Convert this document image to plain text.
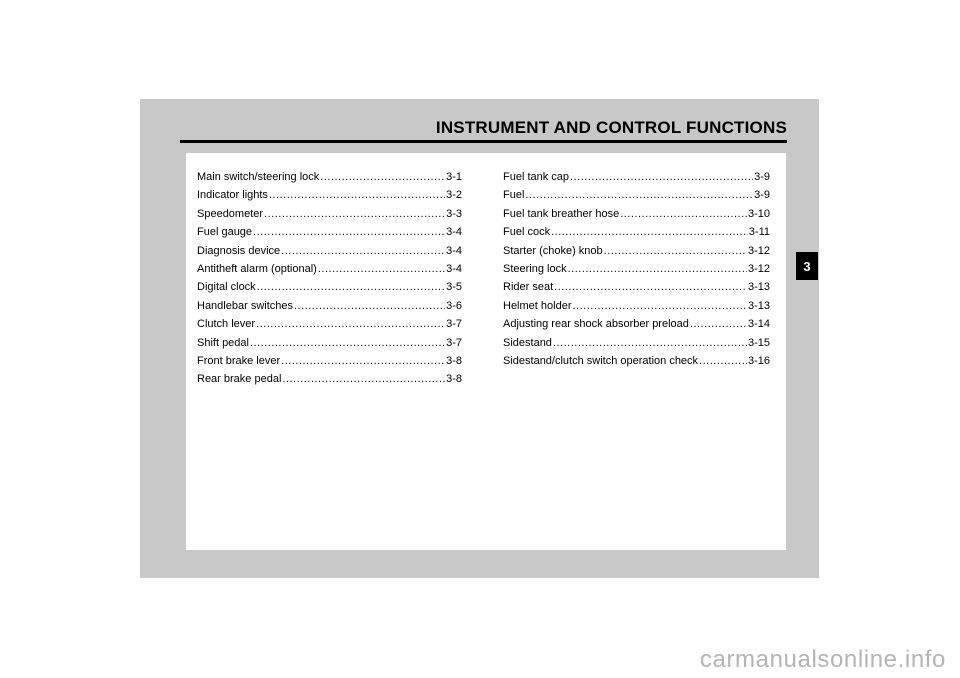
INSTRUMENT AND CONTROL FUNCTIONS
Main switch/steering lock .....	3-1
Indicator lights .....	3-2
Speedometer .....	3-3
Fuel gauge .....	3-4
Diagnosis device .....	3-4
Antitheft alarm (optional) .....	3-4
Digital clock .....	3-5
Handlebar switches .....	3-6
Clutch lever .....	3-7
Shift pedal .....	3-7
Front brake lever .....	3-8
Rear brake pedal .....	3-8
Fuel tank cap .....	3-9
Fuel .....	3-9
Fuel tank breather hose .....	3-10
Fuel cock .....	3-11
Starter (choke) knob .....	3-12
Steering lock .....	3-12
Rider seat .....	3-13
Helmet holder .....	3-13
Adjusting rear shock absorber preload .....	3-14
Sidestand .....	3-15
Sidestand/clutch switch operation check .....	3-16
3
carmanualsonline.info
